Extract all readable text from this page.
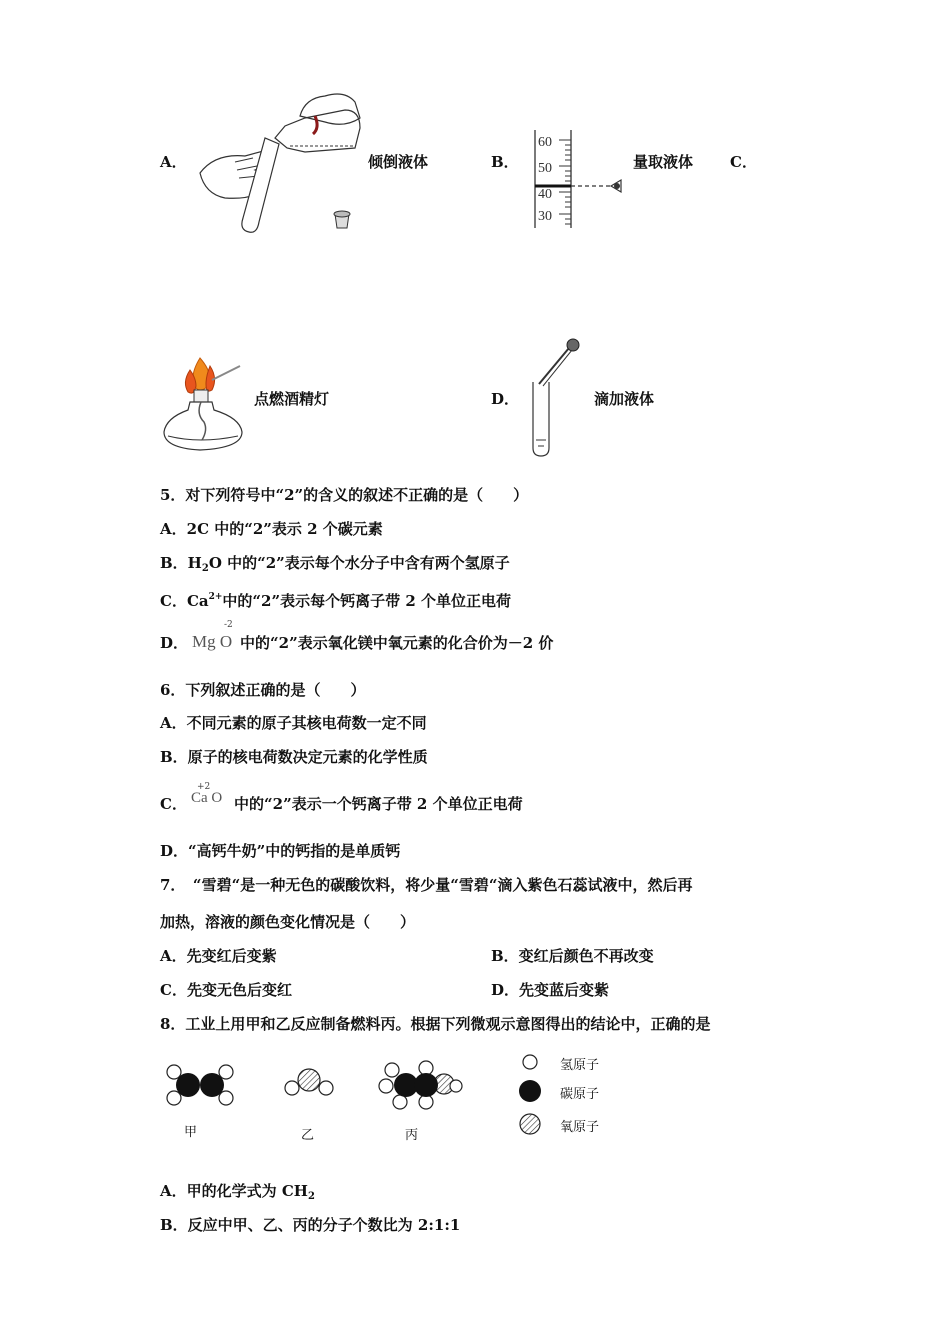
A．	倾倒液体	B．
60
50
40
30
量取液体 C．
点燃酒精灯	D．	滴加液体
5．对下列符号中“2”的含义的叙述不正确的是（　　）
A．2C 中的“2”表示 2 个碳元素
B．$H_2O$ 中的“2”表示每个水分子中含有两个氢原子
C．$Ca^{2+}$中的“2”表示每个钙离子带 2 个单位正电荷
D．
-2
Mg O 中的“2”表示氧化镁中氧元素的化合价为－2 价
6．下列叙述正确的是（　　）
A．不同元素的原子其核电荷数一定不同
B．原子的核电荷数决定元素的化学性质
C．
+2
Ca O 中的“2”表示一个钙离子带 2 个单位正电荷
D．“高钙牛奶”中的钙指的是单质钙
7．　“雪碧“是一种无色的碳酸饮料，将少量“雪碧“滴入紫色石蕊试液中，然后再
加热，溶液的颜色变化情况是（　　）
A．先变红后变紫	B．变红后颜色不再改变
C．先变无色后变红	D．先变蓝后变紫
8．工业上用甲和乙反应制备燃料丙。根据下列微观示意图得出的结论中，正确的是
氢原子
碳原子
氧原子
甲	乙	丙
A．甲的化学式为 $CH_2$
B．反应中甲、乙、丙的分子个数比为 2:1:1
